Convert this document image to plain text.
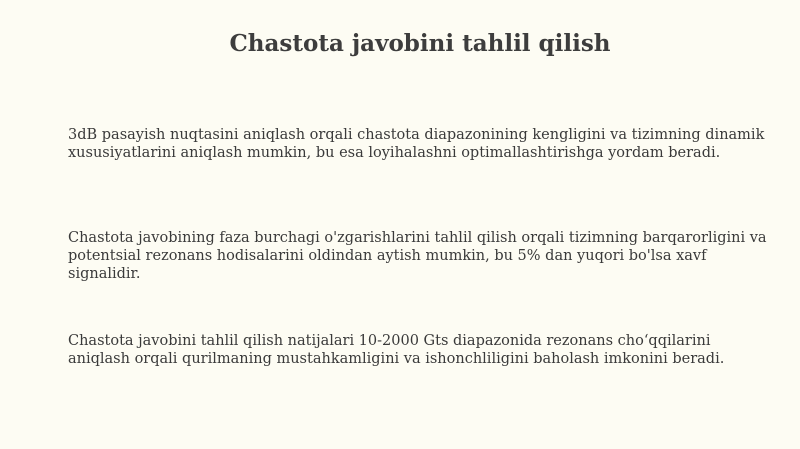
Chastota javobini tahlil qilish

3dB pasayish nuqtasini aniqlash orqali chastota diapazonining kengligini va tizimning dinamik xususiyatlarini aniqlash mumkin, bu esa loyihalashni optimallashtirishga yordam beradi.

Chastota javobining faza burchagi o'zgarishlarini tahlil qilish orqali tizimning barqarorligini va potentsial rezonans hodisalarini oldindan aytish mumkin, bu 5% dan yuqori bo'lsa xavf signalidir.

Chastota javobini tahlil qilish natijalari 10-2000 Gts diapazonida rezonans cho‘qqilarini aniqlash orqali qurilmaning mustahkamligini va ishonchliligini baholash imkonini beradi.
